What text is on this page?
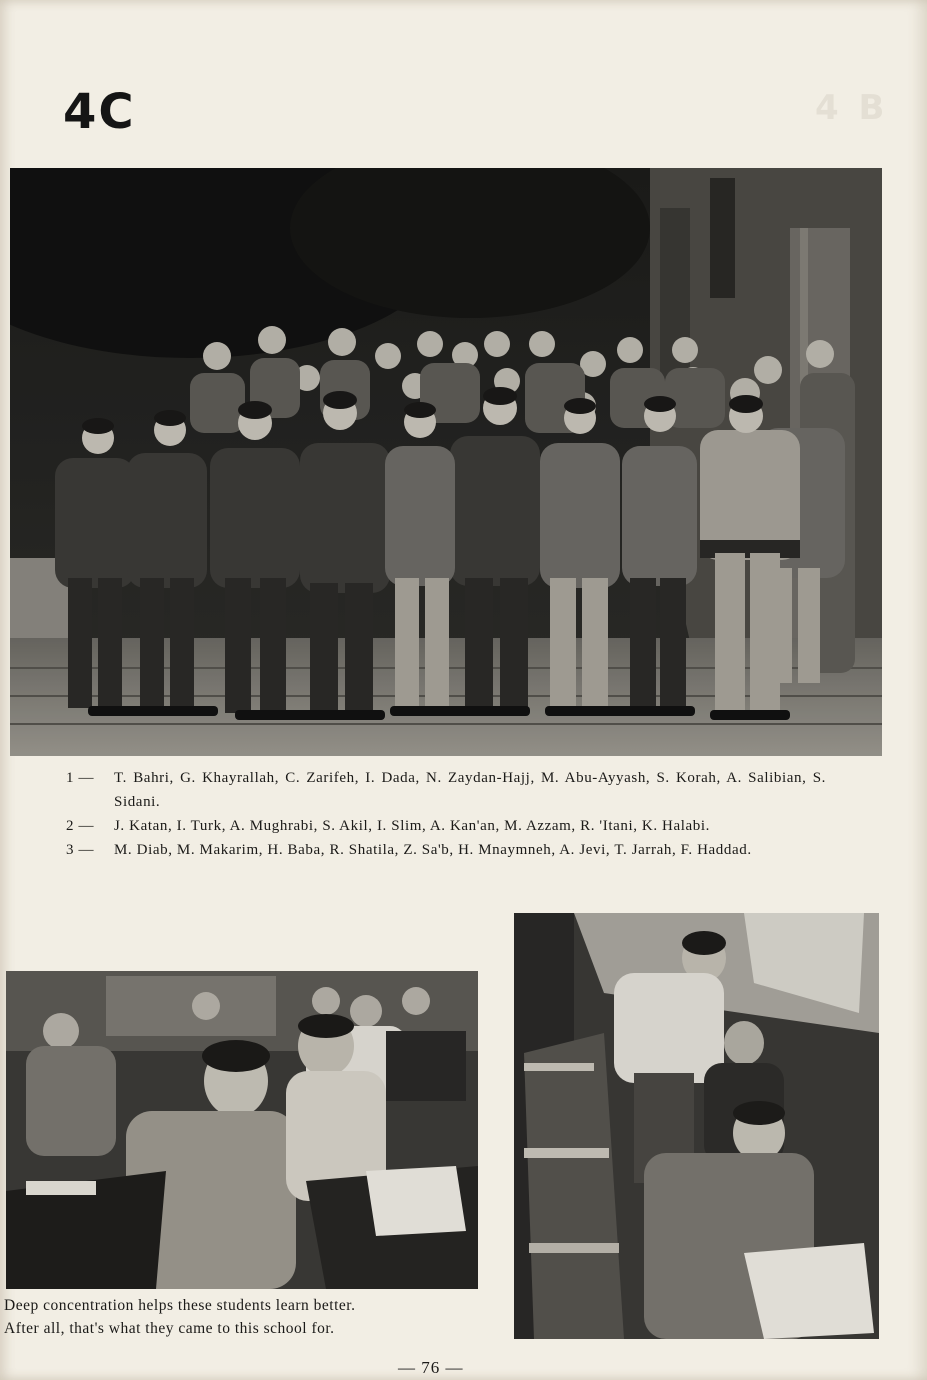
4C	4 B
1 —	T. Bahri, G. Khayrallah, C. Zarifeh, I. Dada, N. Zaydan-Hajj, M. Abu-Ayyash, S. Korah, A. Salibian, S. Sidani.
2 —	J. Katan, I. Turk, A. Mughrabi, S. Akil, I. Slim, A. Kan'an, M. Azzam, R. 'Itani, K. Halabi.
3 —	M. Diab, M. Makarim, H. Baba, R. Shatila, Z. Sa'b, H. Mnaymneh, A. Jevi, T. Jarrah, F. Haddad.
Deep concentration helps these students learn better.
After all, that's what they came to this school for.
— 76 —
